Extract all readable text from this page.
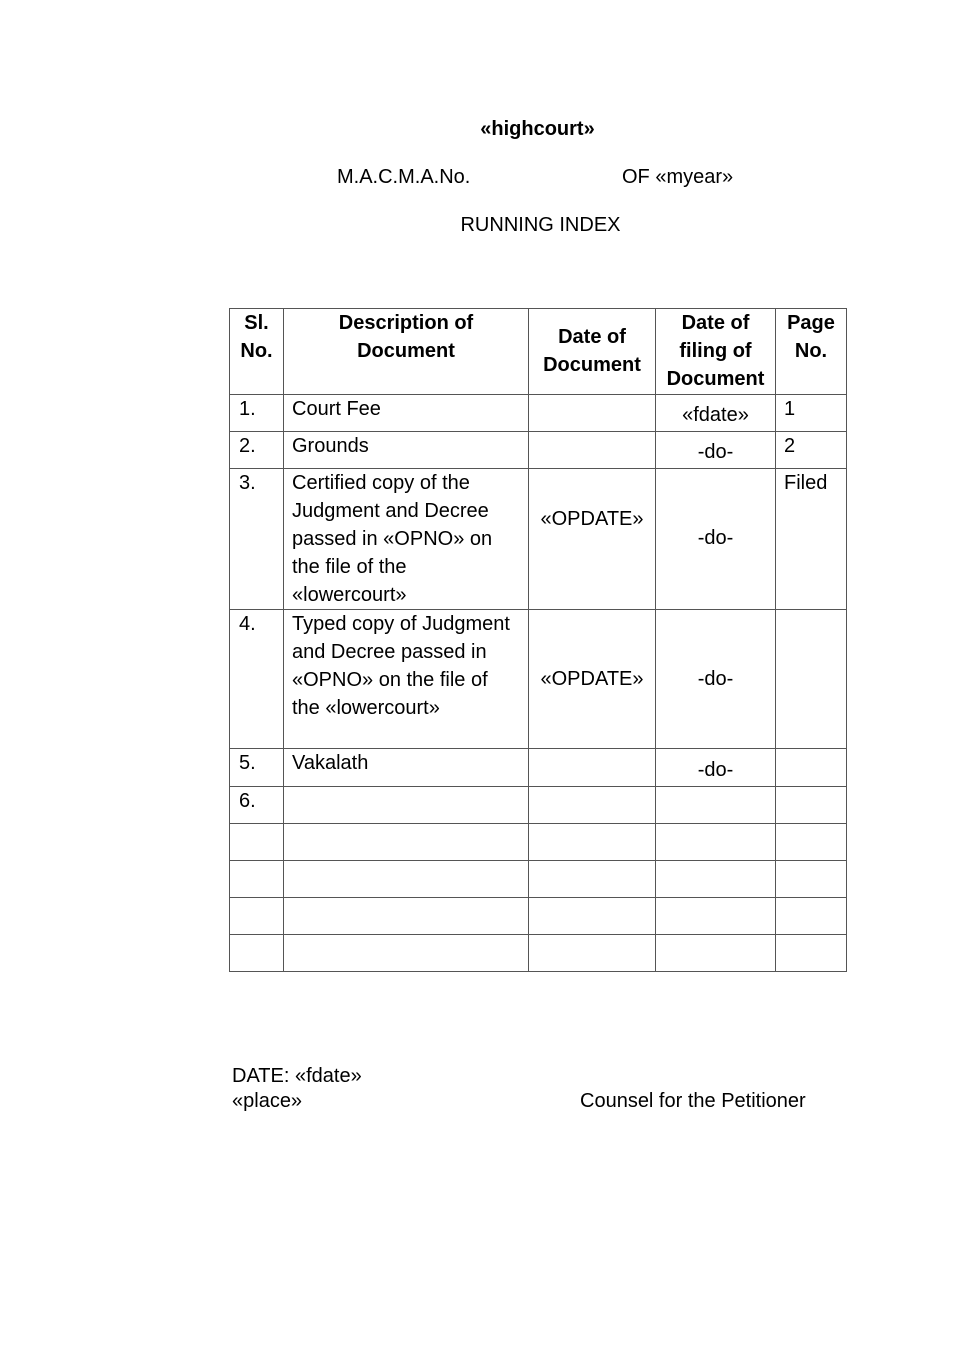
«highcourt»
M.A.C.M.A.No.	OF «myear»
RUNNING INDEX
Sl. No.	Description of Document	Date of Document	Date of filing of Document	Page No.
1.	Court Fee		«fdate»	1
2.	Grounds		-do-	2
3.	Certified copy of the Judgment and Decree passed in «OPNO» on the file of the «lowercourt»	«OPDATE»	-do-	Filed
4.	Typed copy of Judgment and Decree passed in «OPNO» on the file of the «lowercourt»	«OPDATE»	-do-	
5.	Vakalath		-do-	
6.				

DATE: «fdate»
«place»	Counsel for the Petitioner
